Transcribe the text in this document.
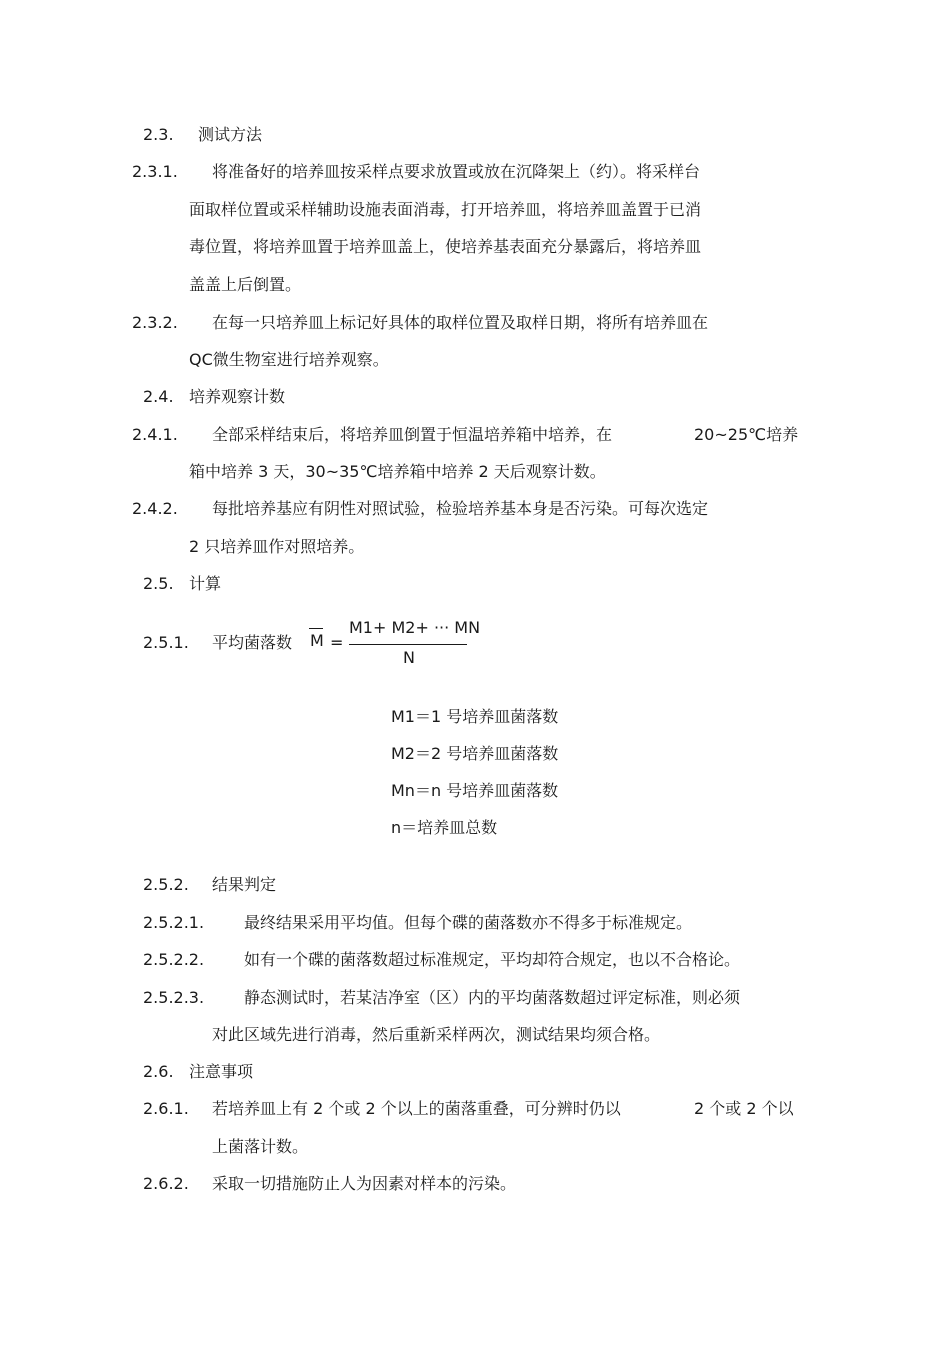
2.3. 测试方法
2.3.1. 将准备好的培养皿按采样点要求放置或放在沉降架上（约）。将采样台
面取样位置或采样辅助设施表面消毒，打开培养皿，将培养皿盖置于已消
毒位置，将培养皿置于培养皿盖上，使培养基表面充分暴露后，将培养皿
盖盖上后倒置。
2.3.2. 在每一只培养皿上标记好具体的取样位置及取样日期，将所有培养皿在
QC微生物室进行培养观察。
2.4. 培养观察计数
2.4.1. 全部采样结束后，将培养皿倒置于恒温培养箱中培养，在	20~25℃培养
箱中培养 3 天，30~35℃培养箱中培养 2 天后观察计数。
2.4.2. 每批培养基应有阴性对照试验，检验培养基本身是否污染。可每次选定
2 只培养皿作对照培养。
2.5. 计算
2.5.1. 平均菌落数 M =
M1+ M2+ ··· MN
N
M1＝1 号培养皿菌落数
M2＝2 号培养皿菌落数
Mn＝n 号培养皿菌落数
n＝培养皿总数
2.5.2. 结果判定
2.5.2.1. 最终结果采用平均值。但每个碟的菌落数亦不得多于标准规定。
2.5.2.2. 如有一个碟的菌落数超过标准规定，平均却符合规定，也以不合格论。
2.5.2.3. 静态测试时，若某洁净室（区）内的平均菌落数超过评定标准，则必须
对此区域先进行消毒，然后重新采样两次，测试结果均须合格。
2.6. 注意事项
2.6.1. 若培养皿上有 2 个或 2 个以上的菌落重叠，可分辨时仍以	2 个或 2 个以
上菌落计数。
2.6.2. 采取一切措施防止人为因素对样本的污染。
